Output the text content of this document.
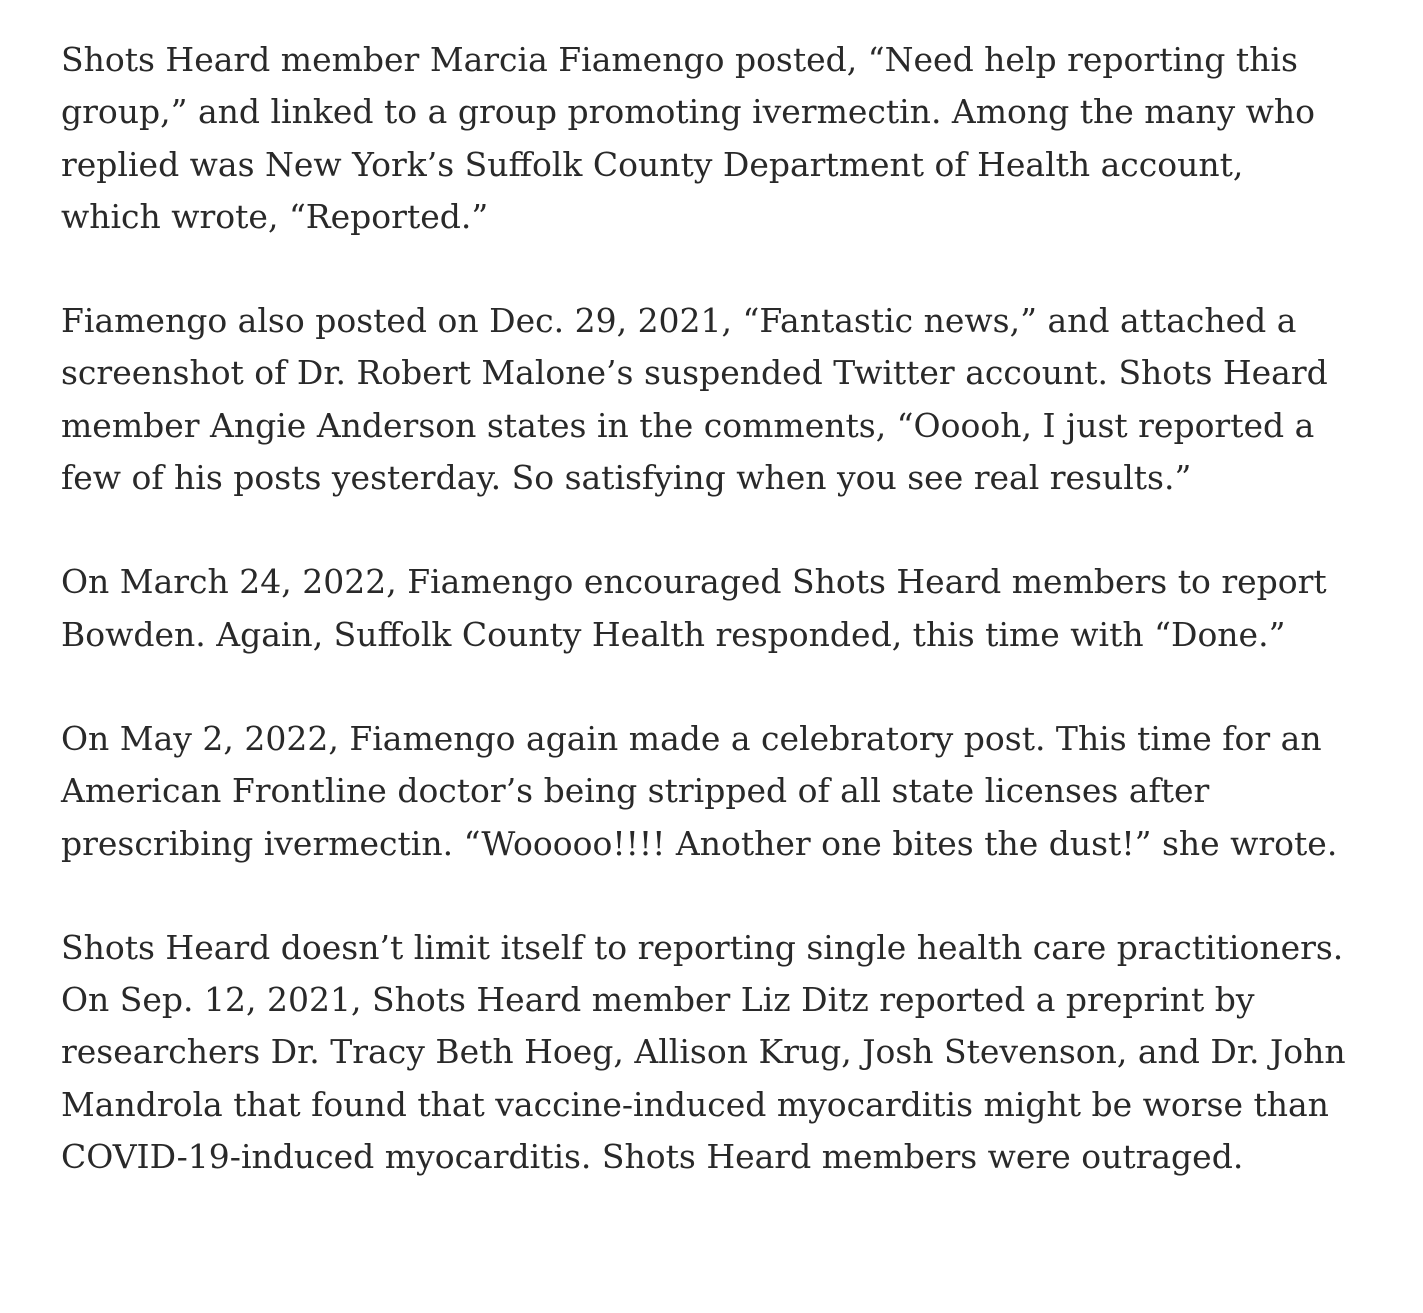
Shots Heard member Marcia Fiamengo posted, “Need help reporting this group,” and linked to a group promoting ivermectin. Among the many who replied was New York’s Suffolk County Department of Health account, which wrote, “Reported.”

Fiamengo also posted on Dec. 29, 2021, “Fantastic news,” and attached a screenshot of Dr. Robert Malone’s suspended Twitter account. Shots Heard member Angie Anderson states in the comments, “Ooooh, I just reported a few of his posts yesterday. So satisfying when you see real results.”

On March 24, 2022, Fiamengo encouraged Shots Heard members to report Bowden. Again, Suffolk County Health responded, this time with “Done.”

On May 2, 2022, Fiamengo again made a celebratory post. This time for an American Frontline doctor’s being stripped of all state licenses after prescribing ivermectin. “Wooooo!!!! Another one bites the dust!” she wrote.

Shots Heard doesn’t limit itself to reporting single health care practitioners. On Sep. 12, 2021, Shots Heard member Liz Ditz reported a preprint by researchers Dr. Tracy Beth Hoeg, Allison Krug, Josh Stevenson, and Dr. John Mandrola that found that vaccine-induced myocarditis might be worse than COVID-19-induced myocarditis. Shots Heard members were outraged.
